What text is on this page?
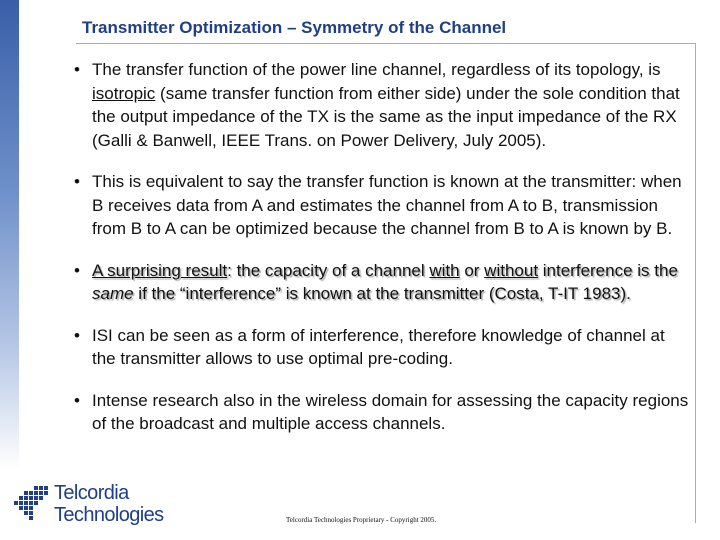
Transmitter Optimization – Symmetry of the Channel
• The transfer function of the power line channel, regardless of its topology, is isotropic (same transfer function from either side) under the sole condition that the output impedance of the TX is the same as the input impedance of the RX (Galli & Banwell, IEEE Trans. on Power Delivery, July 2005).
• This is equivalent to say the transfer function is known at the transmitter: when B receives data from A and estimates the channel from A to B, transmission from B to A can be optimized because the channel from B to A is known by B.
• A surprising result: the capacity of a channel with or without interference is the same if the “interference” is known at the transmitter (Costa, T-IT 1983).
• ISI can be seen as a form of interference, therefore knowledge of channel at the transmitter allows to use optimal pre-coding.
• Intense research also in the wireless domain for assessing the capacity regions of the broadcast and multiple access channels.
Telcordia
Technologies	Telcordia Technologies Proprietary - Copyright 2005.
